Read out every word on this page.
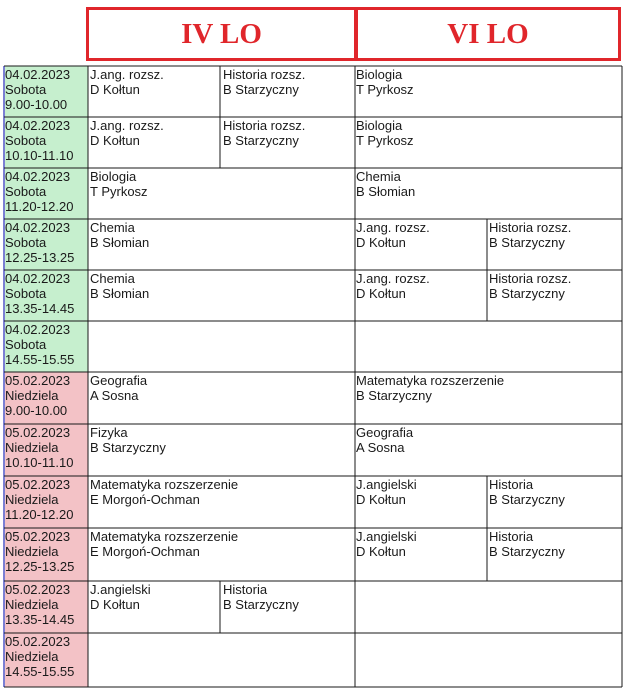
IV LO	VI LO
04.02.2023
Sobota
9.00-10.00
J.ang. rozsz.
D Kołtun
Historia rozsz.
B Starzyczny
Biologia
T Pyrkosz
04.02.2023
Sobota
10.10-11.10
J.ang. rozsz.
D Kołtun
Historia rozsz.
B Starzyczny
Biologia
T Pyrkosz
04.02.2023
Sobota
11.20-12.20
Biologia
T Pyrkosz
Chemia
B Słomian
04.02.2023
Sobota
12.25-13.25
Chemia
B Słomian
J.ang. rozsz.
D Kołtun
Historia rozsz.
B Starzyczny
04.02.2023
Sobota
13.35-14.45
Chemia
B Słomian
J.ang. rozsz.
D Kołtun
Historia rozsz.
B Starzyczny
04.02.2023
Sobota
14.55-15.55
05.02.2023
Niedziela
9.00-10.00
Geografia
A Sosna
Matematyka rozszerzenie
B Starzyczny
05.02.2023
Niedziela
10.10-11.10
Fizyka
B Starzyczny
Geografia
A Sosna
05.02.2023
Niedziela
11.20-12.20
Matematyka rozszerzenie
E Morgoń-Ochman
J.angielski
D Kołtun
Historia
B Starzyczny
05.02.2023
Niedziela
12.25-13.25
Matematyka rozszerzenie
E Morgoń-Ochman
J.angielski
D Kołtun
Historia
B Starzyczny
05.02.2023
Niedziela
13.35-14.45
J.angielski
D Kołtun
Historia
B Starzyczny
05.02.2023
Niedziela
14.55-15.55
